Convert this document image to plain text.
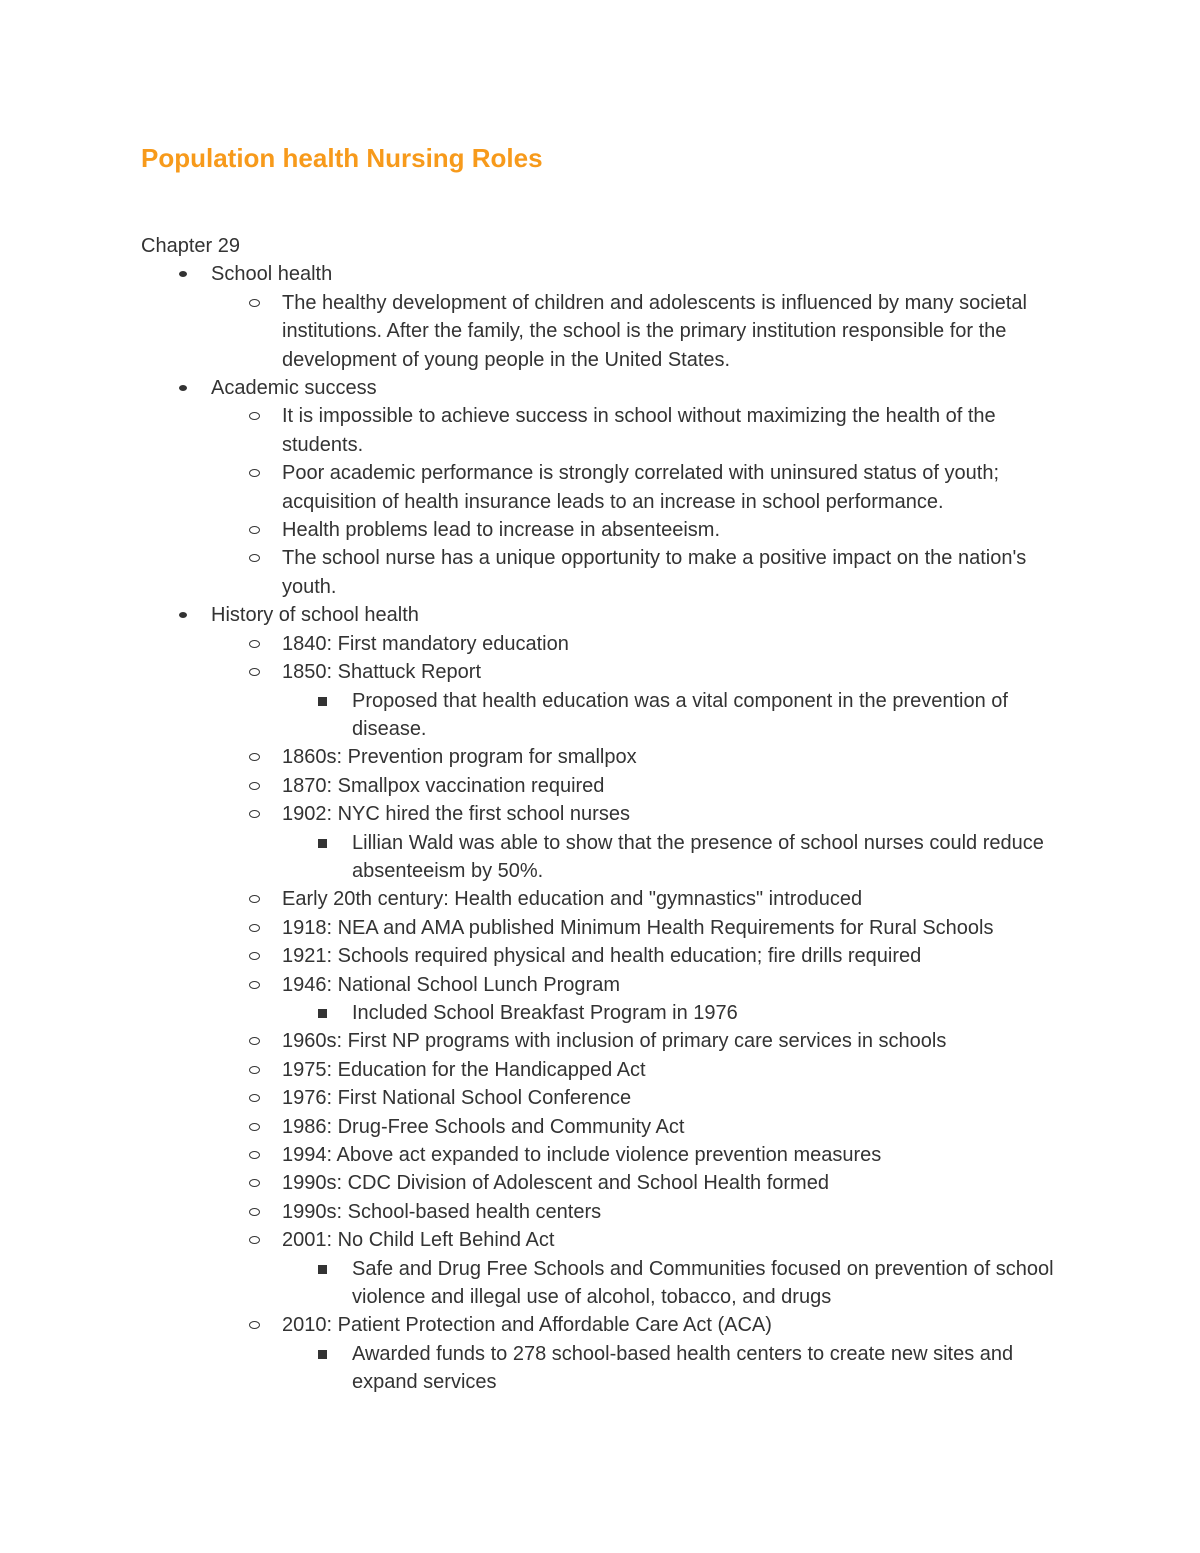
Population health Nursing Roles

Chapter 29

School health
The healthy development of children and adolescents is influenced by many societal institutions. After the family, the school is the primary institution responsible for the development of young people in the United States.
Academic success
It is impossible to achieve success in school without maximizing the health of the students.
Poor academic performance is strongly correlated with uninsured status of youth; acquisition of health insurance leads to an increase in school performance.
Health problems lead to increase in absenteeism.
The school nurse has a unique opportunity to make a positive impact on the nation's youth.
History of school health
1840: First mandatory education
1850: Shattuck Report
Proposed that health education was a vital component in the prevention of disease.
1860s: Prevention program for smallpox
1870: Smallpox vaccination required
1902: NYC hired the first school nurses
Lillian Wald was able to show that the presence of school nurses could reduce absenteeism by 50%.
Early 20th century: Health education and "gymnastics" introduced
1918: NEA and AMA published Minimum Health Requirements for Rural Schools
1921: Schools required physical and health education; fire drills required
1946: National School Lunch Program
Included School Breakfast Program in 1976
1960s: First NP programs with inclusion of primary care services in schools
1975: Education for the Handicapped Act
1976: First National School Conference
1986: Drug-Free Schools and Community Act
1994: Above act expanded to include violence prevention measures
1990s: CDC Division of Adolescent and School Health formed
1990s: School-based health centers
2001: No Child Left Behind Act
Safe and Drug Free Schools and Communities focused on prevention of school violence and illegal use of alcohol, tobacco, and drugs
2010: Patient Protection and Affordable Care Act (ACA)
Awarded funds to 278 school-based health centers to create new sites and expand services
